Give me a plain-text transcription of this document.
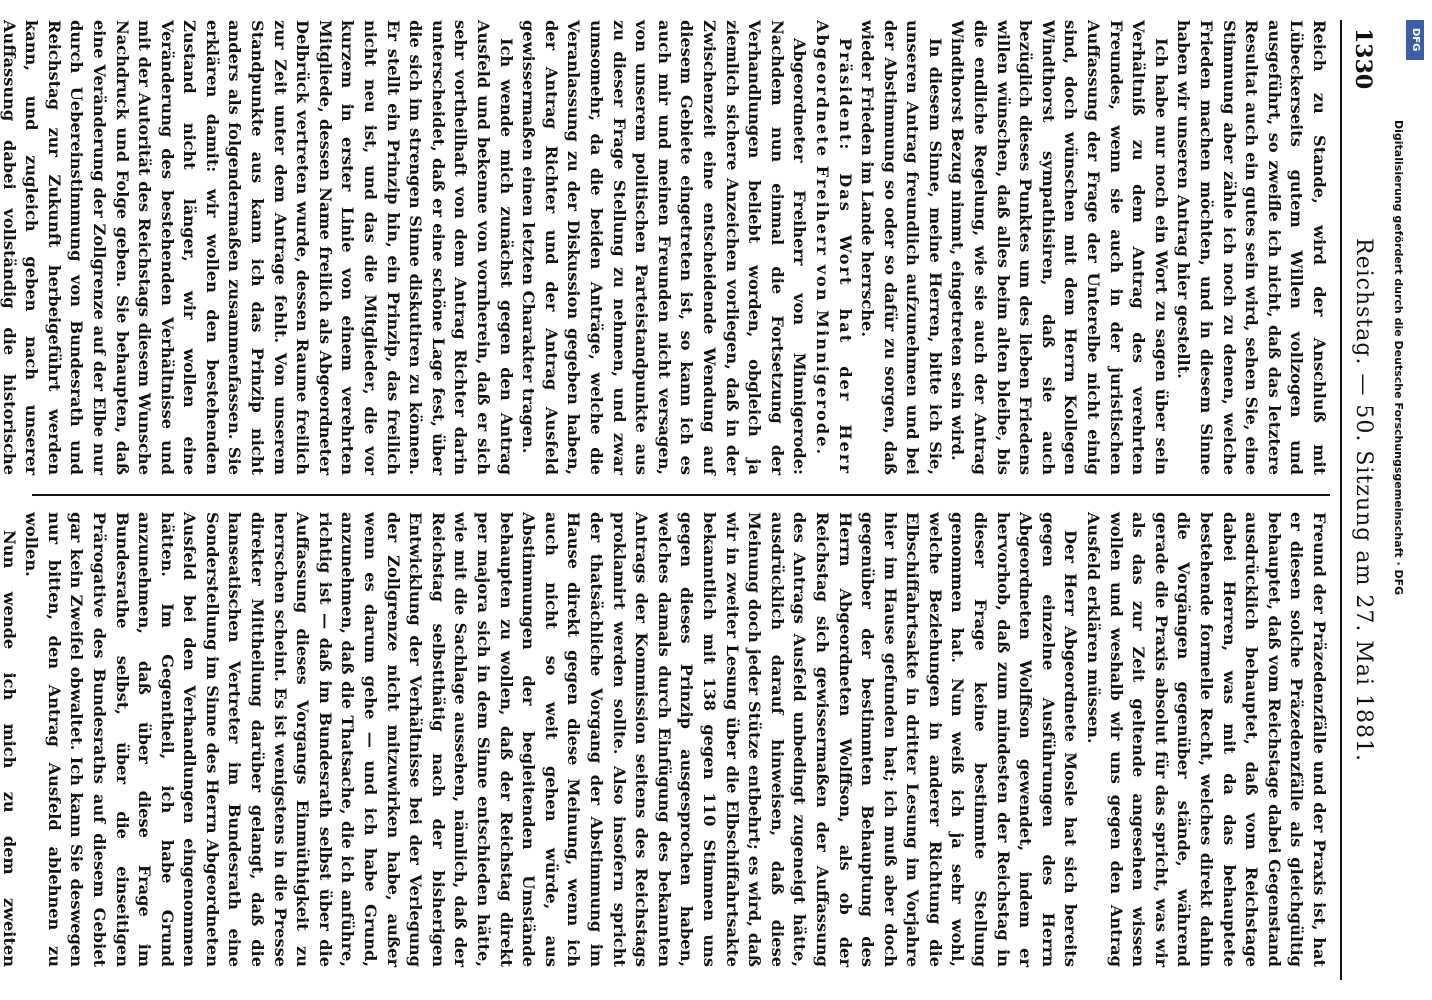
1330
Reichstag. — 50. Sitzung am 27. Mai 1881.

Reich zu Stande, wird der Anschluß mit Lübeckerseits gutem Willen vollzogen und ausgeführt, so zweifle ich nicht, daß das letztere Resultat auch ein gutes sein wird, sehen Sie, eine Stimmung aber zähle ich noch zu denen, welche Frieden machen möchten, und in diesem Sinne haben wir unseren Antrag hier gestellt.

Ich habe nur noch ein Wort zu sagen über sein Verhältniß zu dem Antrag des verehrten Freundes, wenn sie auch in der juristischen Auffassung der Frage der Unterelbe nicht einig sind, doch wünschen mit dem Herrn Kollegen Windthorst sympathisiren, daß sie auch bezüglich dieses Punktes um des lieben Friedens willen wünschen, daß alles beim alten bleibe, bis die endliche Regelung, wie sie auch der Antrag Windthorst Bezug nimmt, eingetreten sein wird.

In diesem Sinne, meine Herren, bitte ich Sie, unseren Antrag freundlich aufzunehmen und bei der Abstimmung so oder so dafür zu sorgen, daß wieder Frieden im Lande herrsche.

Präsident: Das Wort hat der Herr Abgeordnete Freiherr von Minnigerode.

Abgeordneter Freiherr von Minnigerode: Nachdem nun einmal die Fortsetzung der Verhandlungen beliebt worden, obgleich ja ziemlich sichere Anzeichen vorliegen, daß in der Zwischenzeit eine entscheidende Wendung auf diesem Gebiete eingetreten ist, so kann ich es auch mir und meinen Freunden nicht versagen, von unserem politischen Parteistandpunkte aus zu dieser Frage Stellung zu nehmen, und zwar umsomehr, da die beiden Anträge, welche die Veranlassung zu der Diskussion gegeben haben, der Antrag Richter und der Antrag Ausfeld gewissermaßen einen letzten Charakter tragen.

Ich wende mich zunächst gegen den Antrag Ausfeld und bekenne von vornherein, daß er sich sehr vortheilhaft von dem Antrag Richter darin unterscheidet, daß er eine schöne Lage fest, über die sich im strengen Sinne diskutiren zu können. Er stellt ein Prinzip hin, ein Prinzip, das freilich nicht neu ist, und das die Mitglieder, die vor kurzem in erster Linie von einem verehrten Mitgliede, dessen Name freilich als Abgeordneter Delbrück vertreten wurde, dessen Raume freilich zur Zeit unter dem Antrage fehlt. Von unserem Standpunkte aus kann ich das Prinzip nicht anders als folgendermaßen zusammenfassen. Sie erklären damit: wir wollen den bestehenden Zustand nicht länger, wir wollen eine Veränderung des bestehenden Verhältnisse und mit der Autorität des Reichstags diesem Wunsche Nachdruck und Folge geben. Sie behaupten, daß eine Veränderung der Zollgrenze auf der Elbe nur durch Uebereinstimmung von Bundesrath und Reichstag zur Zukunft herbeigeführt werden kann, und zugleich geben nach unserer Auffassung dabei vollständig die historische

Freund der Präzedenzfälle und der Praxis ist, hat er diesen solche Präzedenzfälle als gleichgültig behauptet, daß vom Reichstage dabei Gegenstand ausdrücklich behauptet, daß vom Reichstage dabei Herren, was mit da das behauptete bestehende formelle Recht, welches direkt dahin die Vorgängen gegenüber stände, während gerade die Praxis absolut für das spricht, was wir als das zur Zeit geltende angesehen wissen wollen und weshalb wir uns gegen den Antrag Ausfeld erklären müssen.

Der Herr Abgeordnete Mosle hat sich bereits gegen einzelne Ausführungen des Herrn Abgeordneten Wolffson gewendet, indem er hervorhob, daß zum mindesten der Reichstag in dieser Frage keine bestimmte Stellung genommen hat. Nun weiß ich ja sehr wohl, welche Beziehungen in anderer Richtung die Elbschiffahrtsakte in dritter Lesung im Vorjahre hier im Hause gefunden hat; ich muß aber doch gegenüber der bestimmten Behauptung des Herrn Abgeordneten Wolffson, als ob der Reichstag sich gewissermaßen der Auffassung des Antrags Ausfeld unbedingt zugeneigt hätte, ausdrücklich darauf hinweisen, daß diese Meinung doch jeder Stütze entbehrt; es wird, daß wir in zweiter Lesung über die Elbschiffahrtsakte bekanntlich mit 138 gegen 110 Stimmen uns gegen dieses Prinzip ausgesprochen haben, welches damals durch Einfügung des bekannten Antrags der Kommission seitens des Reichstags proklamirt werden sollte. Also insofern spricht der thatsächliche Vorgang der Abstimmung im Hause direkt gegen diese Meinung, wenn ich auch nicht so weit gehen würde, aus Abstimmungen der begleitenden Umstände behaupten zu wollen, daß der Reichstag direkt per majora sich in dem Sinne entschieden hätte, wie mit die Sachlage aussehen, nämlich, daß der Reichstag selbstthätig nach der bisherigen Entwicklung der Verhältnisse bei der Verlegung der Zollgrenze nicht mitzuwirken habe, außer wenn es darum gehe — und ich habe Grund, anzunehmen, daß die Thatsache, die ich anführe, richtig ist — daß im Bundesrath selbst über die Auffassung dieses Vorgangs Einmüthigkeit zu herrschen scheint. Es ist wenigstens in die Presse direkter Mittheilung darüber gelangt, daß die hanseatischen Vertreter im Bundesrath eine Sonderstellung im Sinne des Herrn Abgeordneten Ausfeld bei den Verhandlungen eingenommen hätten. Im Gegentheil, ich habe Grund anzunehmen, daß über diese Frage im Bundesrathe selbst, über die einseitigen Prärogative des Bundesraths auf diesem Gebiet gar kein Zweifel obwaltet. Ich kann Sie deswegen nur bitten, den Antrag Ausfeld ablehnen zu wollen.

Nun wende ich mich zu dem zweiten

DFG
Digitalisierung gefördert durch die Deutsche Forschungsgemeinschaft · DFG
